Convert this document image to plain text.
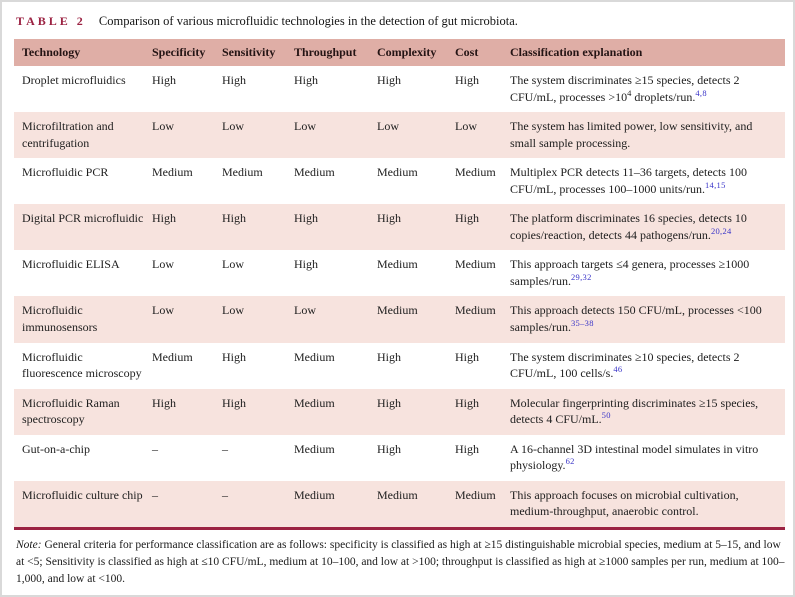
TABLE 2 Comparison of various microfluidic technologies in the detection of gut microbiota.

Technology	Specificity	Sensitivity	Throughput	Complexity	Cost	Classification explanation
Droplet microfluidics	High	High	High	High	High	The system discriminates ≥15 species, detects 2 CFU/mL, processes $>10^4$ droplets/run.$^{4,8}$
Microfiltration and centrifugation	Low	Low	Low	Low	Low	The system has limited power, low sensitivity, and small sample processing.
Microfluidic PCR	Medium	Medium	Medium	Medium	Medium	Multiplex PCR detects 11–36 targets, detects 100 CFU/mL, processes 100–1000 units/run.$^{14,15}$
Digital PCR microfluidic	High	High	High	High	High	The platform discriminates 16 species, detects 10 copies/reaction, detects 44 pathogens/run.$^{20,24}$
Microfluidic ELISA	Low	Low	High	Medium	Medium	This approach targets ≤4 genera, processes ≥1000 samples/run.$^{29,32}$
Microfluidic immunosensors	Low	Low	Low	Medium	Medium	This approach detects 150 CFU/mL, processes <100 samples/run.$^{35-38}$
Microfluidic fluorescence microscopy	Medium	High	Medium	High	High	The system discriminates ≥10 species, detects 2 CFU/mL, 100 cells/s.$^{46}$
Microfluidic Raman spectroscopy	High	High	Medium	High	High	Molecular fingerprinting discriminates ≥15 species, detects 4 CFU/mL.$^{50}$
Gut-on-a-chip	–	–	Medium	High	High	A 16-channel 3D intestinal model simulates in vitro physiology.$^{62}$
Microfluidic culture chip	–	–	Medium	Medium	Medium	This approach focuses on microbial cultivation, medium-throughput, anaerobic control.

Note: General criteria for performance classification are as follows: specificity is classified as high at ≥15 distinguishable microbial species, medium at 5–15, and low at <5; Sensitivity is classified as high at ≤10 CFU/mL, medium at 10–100, and low at >100; throughput is classified as high at ≥1000 samples per run, medium at 100–1,000, and low at <100.
